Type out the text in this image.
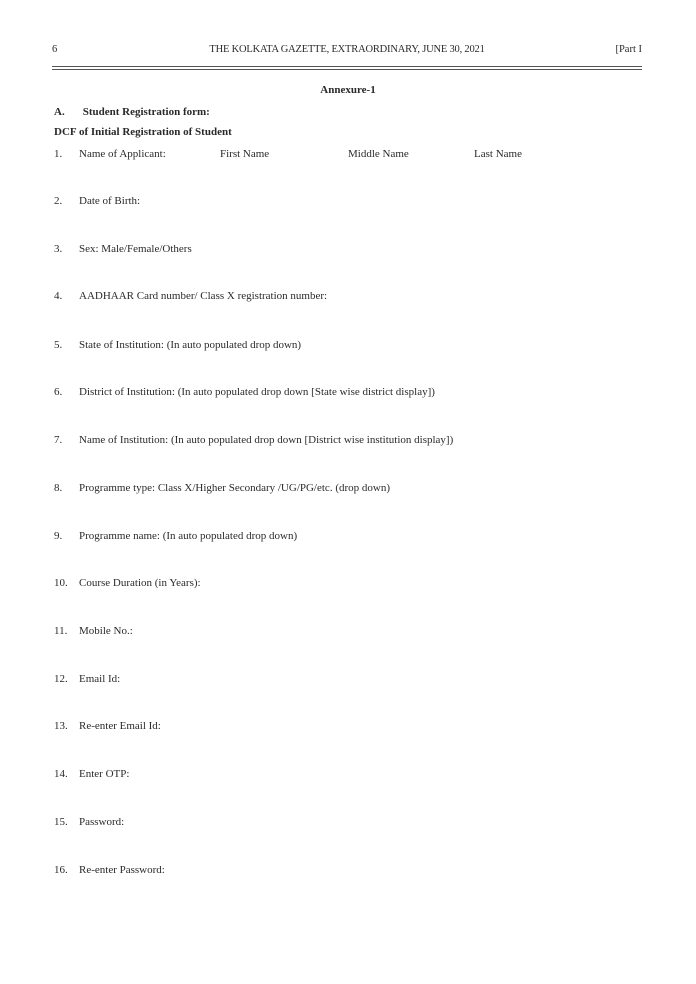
6	THE KOLKATA GAZETTE, EXTRAORDINARY, JUNE 30, 2021	[Part I
Annexure-1
A. Student Registration form:
DCF of Initial Registration of Student
1. Name of Applicant:	First Name	Middle Name	Last Name
2. Date of Birth:
3. Sex: Male/Female/Others
4. AADHAAR Card number/ Class X registration number:
5. State of Institution: (In auto populated drop down)
6. District of Institution: (In auto populated drop down [State wise district display])
7. Name of Institution: (In auto populated drop down [District wise institution display])
8. Programme type: Class X/Higher Secondary /UG/PG/etc. (drop down)
9. Programme name: (In auto populated drop down)
10. Course Duration (in Years):
11. Mobile No.:
12. Email Id:
13. Re-enter Email Id:
14. Enter OTP:
15. Password:
16. Re-enter Password:
